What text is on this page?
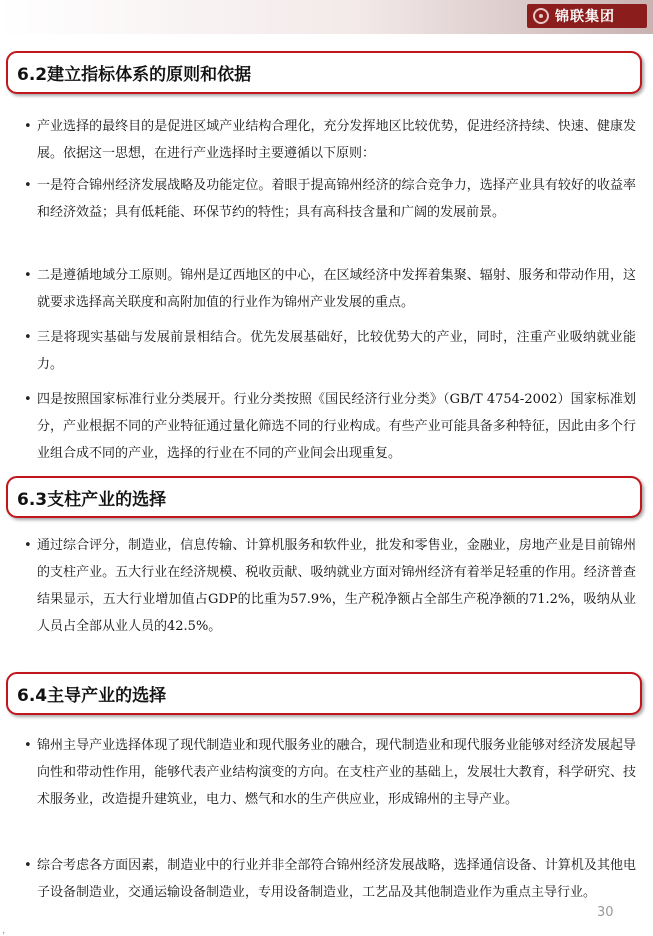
锦联集团
6.2建立指标体系的原则和依据
• 产业选择的最终目的是促进区域产业结构合理化，充分发挥地区比较优势，促进经济持续、快速、健康发展。依据这一思想，在进行产业选择时主要遵循以下原则：
• 一是符合锦州经济发展战略及功能定位。着眼于提高锦州经济的综合竞争力，选择产业具有较好的收益率和经济效益；具有低耗能、环保节约的特性；具有高科技含量和广阔的发展前景。
• 二是遵循地域分工原则。锦州是辽西地区的中心，在区域经济中发挥着集聚、辐射、服务和带动作用，这就要求选择高关联度和高附加值的行业作为锦州产业发展的重点。
• 三是将现实基础与发展前景相结合。优先发展基础好，比较优势大的产业，同时，注重产业吸纳就业能力。
• 四是按照国家标准行业分类展开。行业分类按照《国民经济行业分类》（GB/T 4754-2002）国家标准划分，产业根据不同的产业特征通过量化筛选不同的行业构成。有些产业可能具备多种特征，因此由多个行业组合成不同的产业，选择的行业在不同的产业间会出现重复。
6.3支柱产业的选择
• 通过综合评分，制造业，信息传输、计算机服务和软件业，批发和零售业，金融业，房地产业是目前锦州的支柱产业。五大行业在经济规模、税收贡献、吸纳就业方面对锦州经济有着举足轻重的作用。经济普查结果显示，五大行业增加值占GDP的比重为57.9%，生产税净额占全部生产税净额的71.2%，吸纳从业人员占全部从业人员的42.5%。
6.4主导产业的选择
• 锦州主导产业选择体现了现代制造业和现代服务业的融合，现代制造业和现代服务业能够对经济发展起导向性和带动性作用，能够代表产业结构演变的方向。在支柱产业的基础上，发展壮大教育，科学研究、技术服务业，改造提升建筑业，电力、燃气和水的生产供应业，形成锦州的主导产业。
• 综合考虑各方面因素，制造业中的行业并非全部符合锦州经济发展战略，选择通信设备、计算机及其他电子设备制造业，交通运输设备制造业，专用设备制造业，工艺品及其他制造业作为重点主导行业。
30
，
